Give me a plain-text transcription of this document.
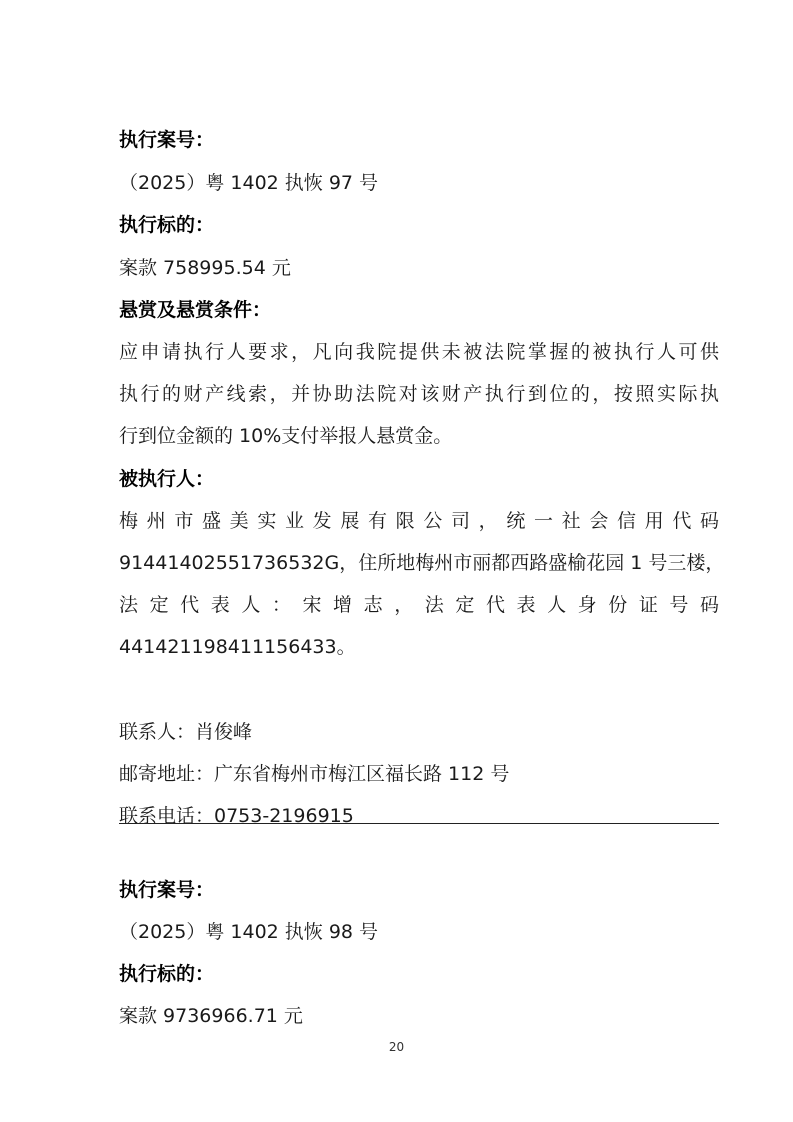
执行案号：
（2025）粤 1402 执恢 97 号
执行标的：
案款 758995.54 元
悬赏及悬赏条件：
应申请执行人要求，凡向我院提供未被法院掌握的被执行人可供
执行的财产线索，并协助法院对该财产执行到位的，按照实际执
行到位金额的 10%支付举报人悬赏金。
被执行人：
梅州市盛美实业发展有限公司，统一社会信用代码
91441402551736532G，住所地梅州市丽都西路盛榆花园 1 号三楼，
法定代表人：宋增志，法定代表人身份证号码
441421198411156433。
联系人：肖俊峰
邮寄地址：广东省梅州市梅江区福长路 112 号
联系电话：0753-2196915
执行案号：
（2025）粤 1402 执恢 98 号
执行标的：
案款 9736966.71 元
20
